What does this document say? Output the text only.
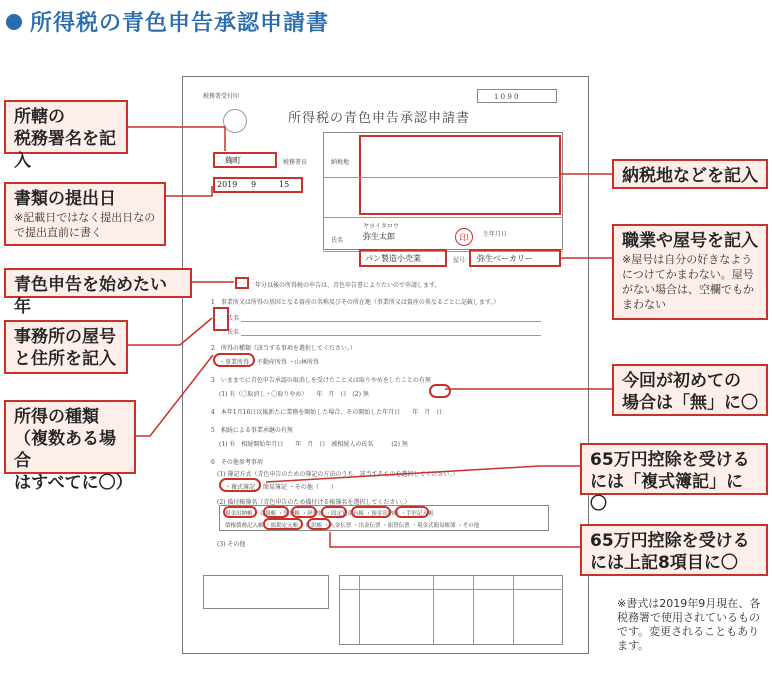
所得税の青色申告承認申請書
税務署受付印	1 0 9 0
所得税の青色申告承認申請書
麹町	税務署長
2019 9	15
納税地
ヤヨイタロウ
氏名 弥生太郎	印	生年月日
パン製造小売業	屋号 弥生ベーカリー
年分以後の所得税の申告は、青色申告書によりたいので申請します。
1　事業所又は所得の基因となる資産の名称及びその所在地（事業所又は資産の異なるごとに記載します。）
氏名
氏名
2　所得の種類（該当する事項を選択してください。）
・事業所得 ・不動産所得 ・山林所得
3　いままでに青色申告承認の取消しを受けたこと又は取りやめをしたことの有無
(1) 有（〇取消し・〇取りやめ）　　年　月　日　(2) 無
4　本年1月16日以後新たに業務を開始した場合、その開始した年月日　　年　月　日
5　相続による事業承継の有無
(1) 有　相続開始年月日　　年　月　日　被相続人の氏名　　　(2) 無
6　その他参考事項
(1) 簿記方式（青色申告のための簿記の方法のうち、該当するものを選択してください。）
・複式簿記 ・簡易簿記 ・その他（　　）
(2) 備付帳簿名（青色申告のため備付ける帳簿名を選択してください。）
現金出納帳 ・売掛帳 ・買掛帳 ・経費帳 ・固定資産台帳 ・預金出納帳 ・手形記入帳
債権債務記入帳 ・総勘定元帳 ・仕訳帳 ・入金伝票 ・出金伝票 ・振替伝票 ・現金式簡易帳簿 ・その他
(3) その他
所轄の
税務署名を記入
書類の提出日
※記載日ではなく提出日なので提出直前に書く
青色申告を始めたい年
事務所の屋号
と住所を記入
所得の種類
（複数ある場合
はすべてに〇）
納税地などを記入
職業や屋号を記入
※屋号は自分の好きなようにつけてかまわない。屋号がない場合は、空欄でもかまわない
今回が初めての
場合は「無」に〇
65万円控除を受ける
には「複式簿記」に〇
65万円控除を受ける
には上記8項目に〇
※書式は2019年9月現在、各税務署で使用されているものです。変更されることもあります。
